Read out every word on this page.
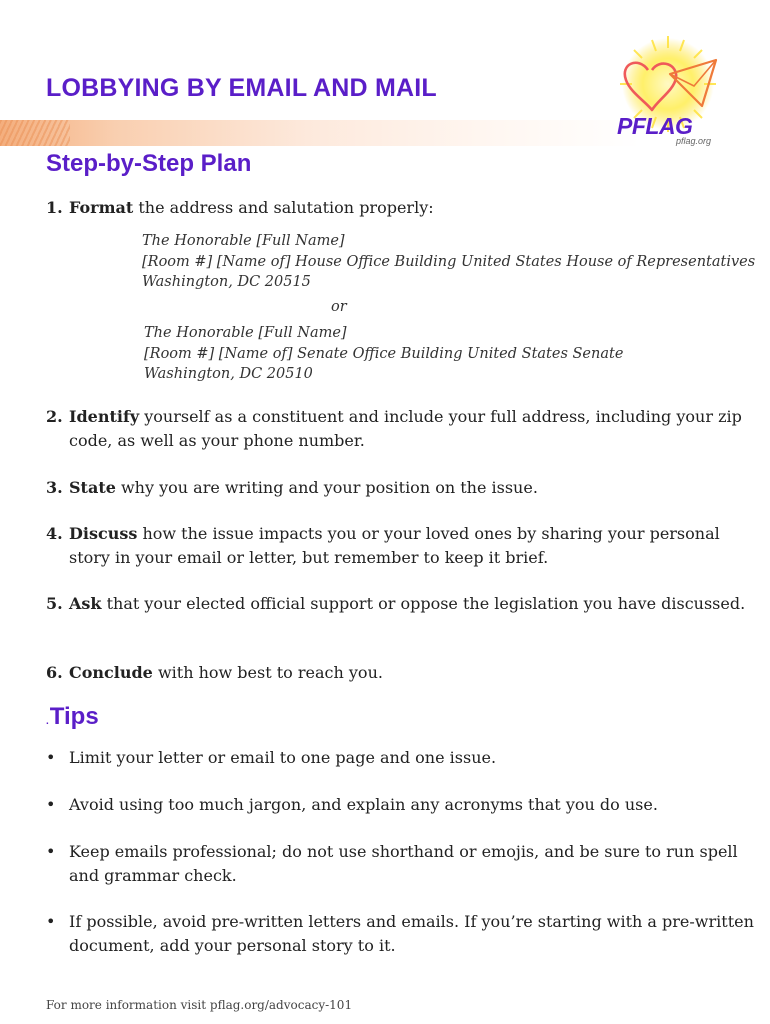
LOBBYING BY EMAIL AND MAIL

PFLAG

pflag.org

Step-by-Step Plan
1. Format the address and salutation properly:
The Honorable [Full Name]
[Room #] [Name of] House Office Building United States House of Representatives
Washington, DC 20515
or
The Honorable [Full Name]
[Room #] [Name of] Senate Office Building United States Senate
Washington, DC 20510
2. Identify yourself as a constituent and include your full address, including your zip code, as well as your phone number.
3. State why you are writing and your position on the issue.
4. Discuss how the issue impacts you or your loved ones by sharing your personal story in your email or letter, but remember to keep it brief.
5. Ask that your elected official support or oppose the legislation you have discussed.
6. Conclude with how best to reach you.
.Tips
• Limit your letter or email to one page and one issue.
• Avoid using too much jargon, and explain any acronyms that you do use.
• Keep emails professional; do not use shorthand or emojis, and be sure to run spell and grammar check.
• If possible, avoid pre-written letters and emails. If you’re starting with a pre-written document, add your personal story to it.

For more information visit pflag.org/advocacy-101
